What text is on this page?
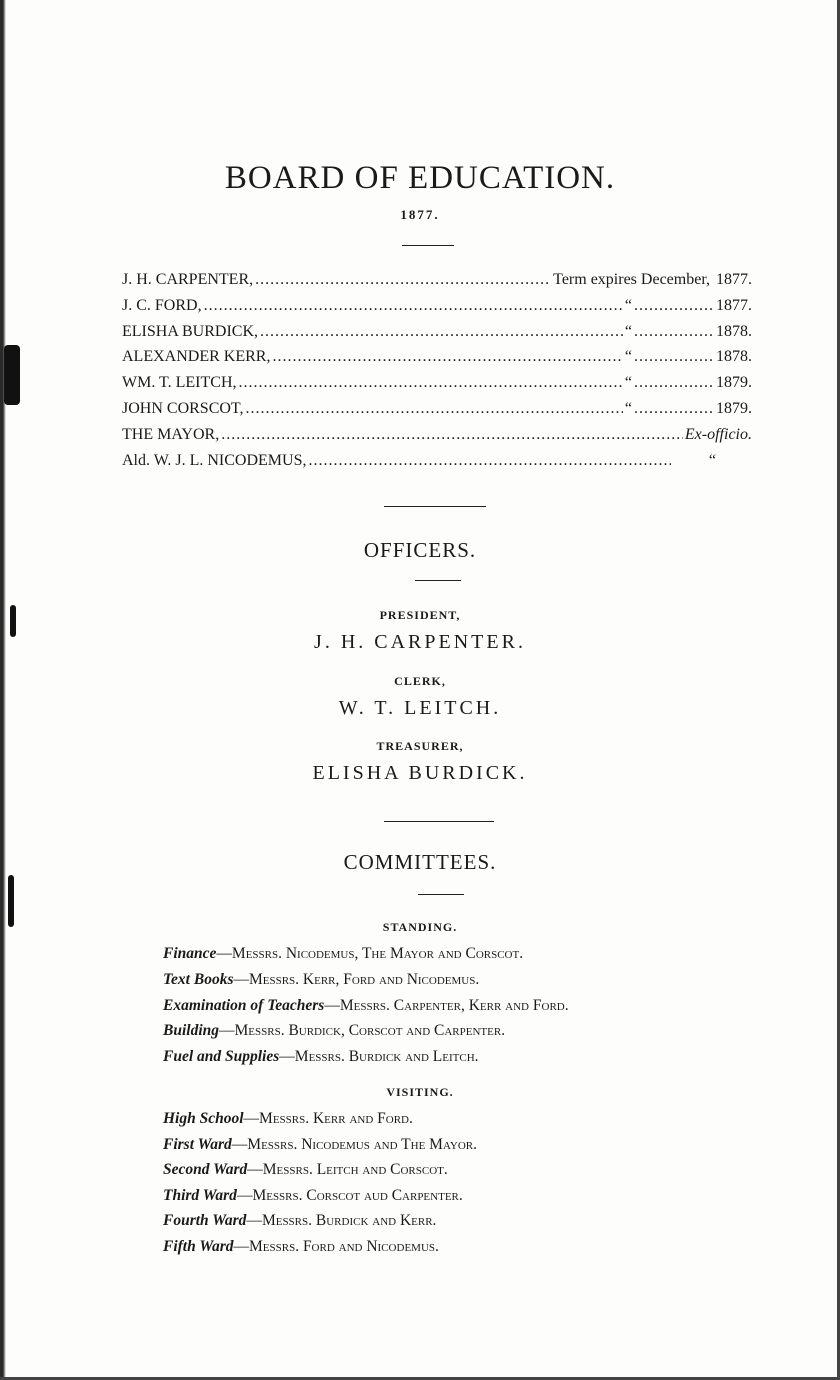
BOARD OF EDUCATION.
1877.
J. H. CARPENTER, .....	Term expires December, 1877.
J. C. FORD, .....	“ .....	1877.
ELISHA BURDICK, .....	“ .....	1878.
ALEXANDER KERR, .....	“ .....	1878.
WM. T. LEITCH, .....	“ .....	1879.
JOHN CORSCOT, .....	“ .....	1879.
THE MAYOR, .....	Ex-officio.
Ald. W. J. L. NICODEMUS, .....	“
OFFICERS.
PRESIDENT,
J. H. CARPENTER.
CLERK,
W. T. LEITCH.
TREASURER,
ELISHA BURDICK.
COMMITTEES.
STANDING.
Finance—Messrs. Nicodemus, The Mayor and Corscot.
Text Books—Messrs. Kerr, Ford and Nicodemus.
Examination of Teachers—Messrs. Carpenter, Kerr and Ford.
Building—Messrs. Burdick, Corscot and Carpenter.
Fuel and Supplies—Messrs. Burdick and Leitch.
VISITING.
High School—Messrs. Kerr and Ford.
First Ward—Messrs. Nicodemus and The Mayor.
Second Ward—Messrs. Leitch and Corscot.
Third Ward—Messrs. Corscot aud Carpenter.
Fourth Ward—Messrs. Burdick and Kerr.
Fifth Ward—Messrs. Ford and Nicodemus.
